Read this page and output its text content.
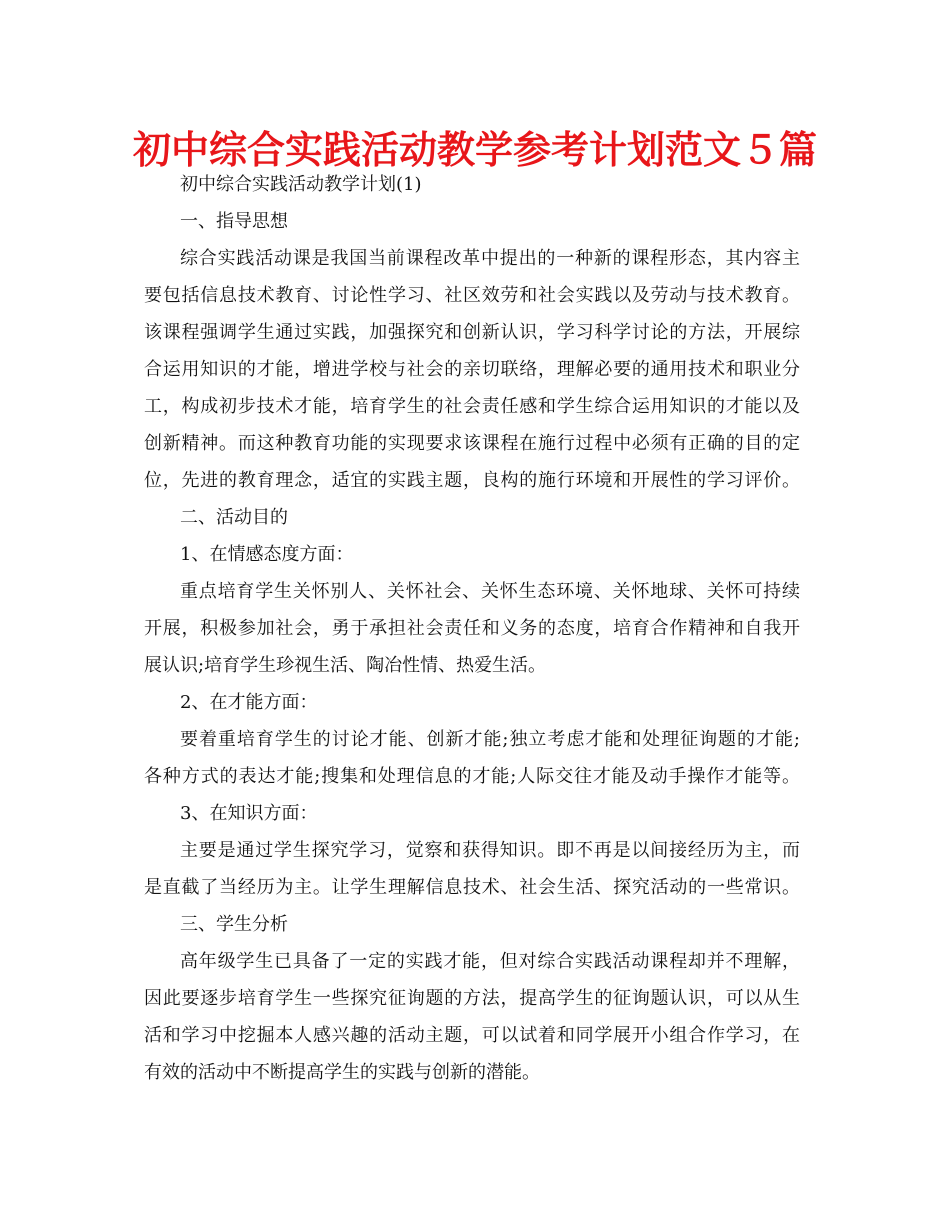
初中综合实践活动教学参考计划范文５篇
初中综合实践活动教学计划(1)
一、指导思想
综合实践活动课是我国当前课程改革中提出的一种新的课程形态，其内容主
要包括信息技术教育、讨论性学习、社区效劳和社会实践以及劳动与技术教育。
该课程强调学生通过实践，加强探究和创新认识，学习科学讨论的方法，开展综
合运用知识的才能，增进学校与社会的亲切联络，理解必要的通用技术和职业分
工，构成初步技术才能，培育学生的社会责任感和学生综合运用知识的才能以及
创新精神。而这种教育功能的实现要求该课程在施行过程中必须有正确的目的定
位，先进的教育理念，适宜的实践主题，良构的施行环境和开展性的学习评价。
二、活动目的
1、在情感态度方面：
重点培育学生关怀别人、关怀社会、关怀生态环境、关怀地球、关怀可持续
开展，积极参加社会，勇于承担社会责任和义务的态度，培育合作精神和自我开
展认识;培育学生珍视生活、陶冶性情、热爱生活。
2、在才能方面：
要着重培育学生的讨论才能、创新才能;独立考虑才能和处理征询题的才能;
各种方式的表达才能;搜集和处理信息的才能;人际交往才能及动手操作才能等。
3、在知识方面：
主要是通过学生探究学习，觉察和获得知识。即不再是以间接经历为主，而
是直截了当经历为主。让学生理解信息技术、社会生活、探究活动的一些常识。
三、学生分析
高年级学生已具备了一定的实践才能，但对综合实践活动课程却并不理解，
因此要逐步培育学生一些探究征询题的方法，提高学生的征询题认识，可以从生
活和学习中挖掘本人感兴趣的活动主题，可以试着和同学展开小组合作学习，在
有效的活动中不断提高学生的实践与创新的潜能。
